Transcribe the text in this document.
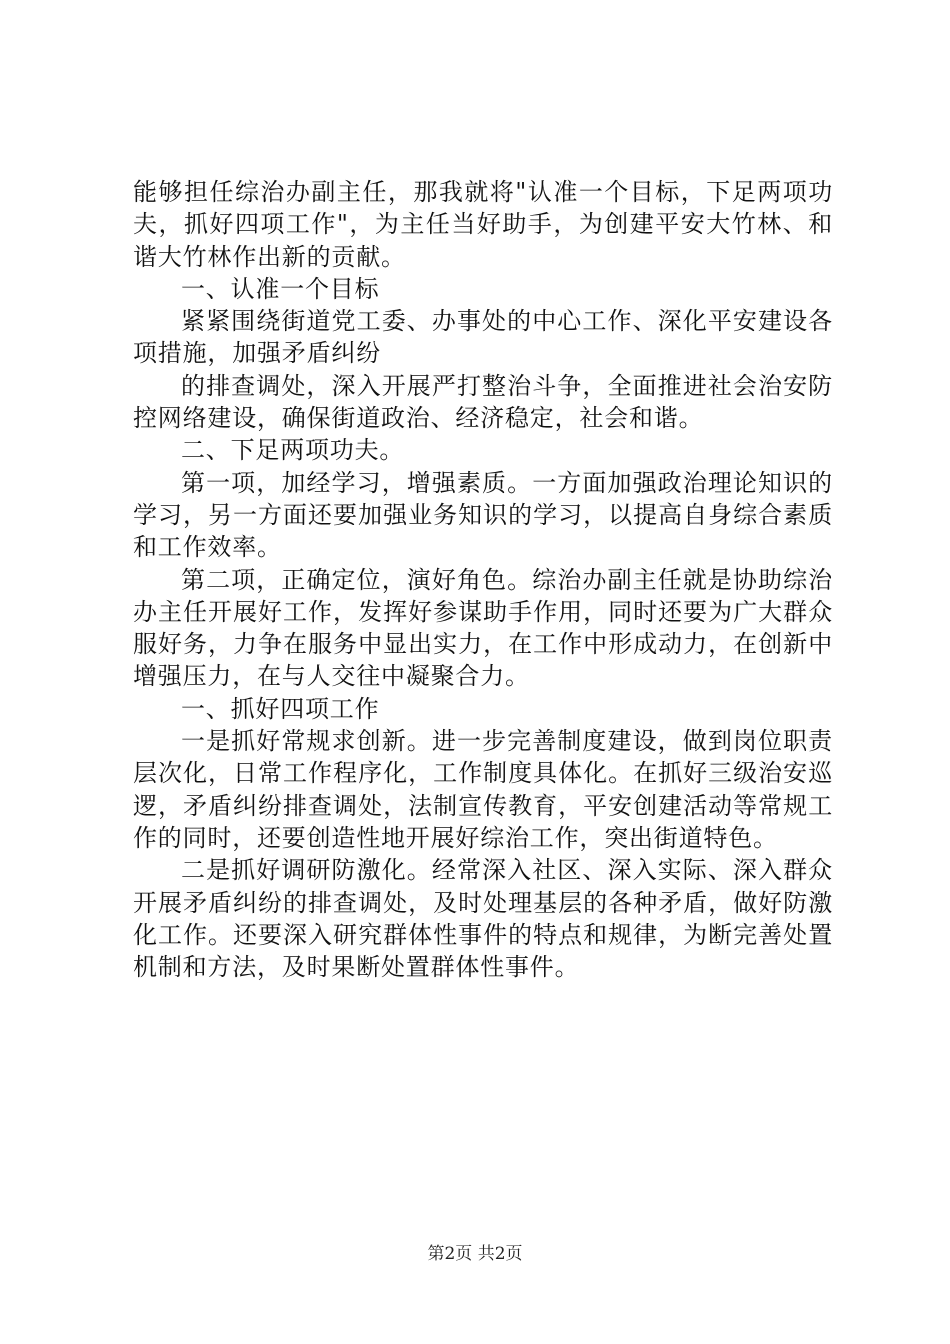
能够担任综治办副主任，那我就将"认准一个目标，下足两项功夫，抓好四项工作"，为主任当好助手，为创建平安大竹林、和谐大竹林作出新的贡献。

一、认准一个目标

紧紧围绕街道党工委、办事处的中心工作、深化平安建设各项措施，加强矛盾纠纷

的排查调处，深入开展严打整治斗争，全面推进社会治安防控网络建设，确保街道政治、经济稳定，社会和谐。

二、下足两项功夫。

第一项，加经学习，增强素质。一方面加强政治理论知识的学习，另一方面还要加强业务知识的学习，以提高自身综合素质和工作效率。

第二项，正确定位，演好角色。综治办副主任就是协助综治办主任开展好工作，发挥好参谋助手作用，同时还要为广大群众服好务，力争在服务中显出实力，在工作中形成动力，在创新中增强压力，在与人交往中凝聚合力。

一、抓好四项工作

一是抓好常规求创新。进一步完善制度建设，做到岗位职责层次化，日常工作程序化，工作制度具体化。在抓好三级治安巡逻，矛盾纠纷排查调处，法制宣传教育，平安创建活动等常规工作的同时，还要创造性地开展好综治工作，突出街道特色。

二是抓好调研防激化。经常深入社区、深入实际、深入群众开展矛盾纠纷的排查调处，及时处理基层的各种矛盾，做好防激化工作。还要深入研究群体性事件的特点和规律，为断完善处置机制和方法，及时果断处置群体性事件。

第2页 共2页
